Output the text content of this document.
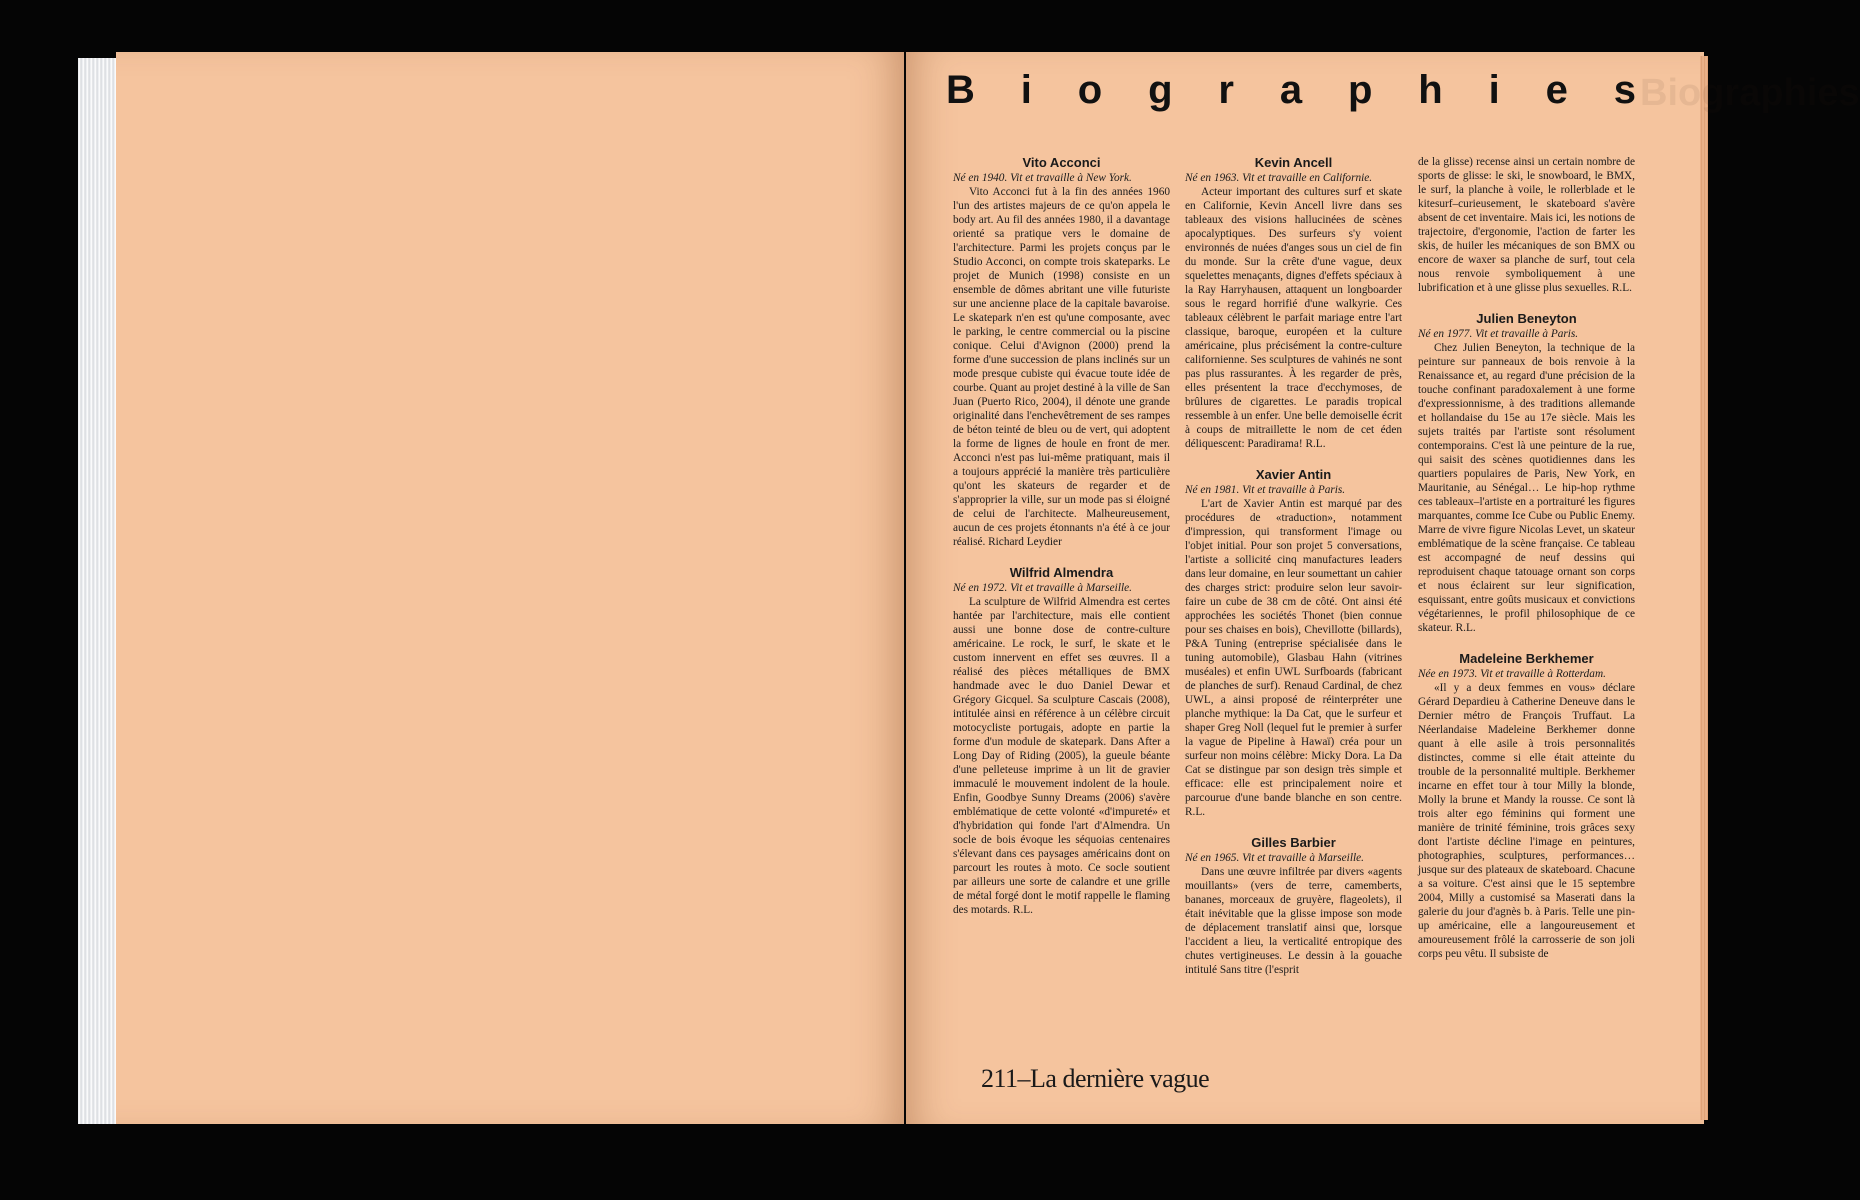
B i o g r a p h i e s Biographies

Vito Acconci

Né en 1940. Vit et travaille à New York.

Vito Acconci fut à la fin des années 1960 l'un des artistes majeurs de ce qu'on appela le body art. Au fil des années 1980, il a davantage orienté sa pratique vers le domaine de l'architecture. Parmi les projets conçus par le Studio Acconci, on compte trois skateparks. Le projet de Munich (1998) consiste en un ensemble de dômes abritant une ville futuriste sur une ancienne place de la capitale bavaroise. Le skatepark n'en est qu'une composante, avec le parking, le centre commercial ou la piscine conique. Celui d'Avignon (2000) prend la forme d'une succession de plans inclinés sur un mode presque cubiste qui évacue toute idée de courbe. Quant au projet destiné à la ville de San Juan (Puerto Rico, 2004), il dénote une grande originalité dans l'enchevêtrement de ses rampes de béton teinté de bleu ou de vert, qui adoptent la forme de lignes de houle en front de mer. Acconci n'est pas lui-même pratiquant, mais il a toujours apprécié la manière très particulière qu'ont les skateurs de regarder et de s'approprier la ville, sur un mode pas si éloigné de celui de l'architecte. Malheureusement, aucun de ces projets étonnants n'a été à ce jour réalisé. Richard Leydier

Wilfrid Almendra

Né en 1972. Vit et travaille à Marseille.

La sculpture de Wilfrid Almendra est certes hantée par l'architecture, mais elle contient aussi une bonne dose de contre-culture américaine. Le rock, le surf, le skate et le custom innervent en effet ses œuvres. Il a réalisé des pièces métalliques de BMX handmade avec le duo Daniel Dewar et Grégory Gicquel. Sa sculpture Cascais (2008), intitulée ainsi en référence à un célèbre circuit motocycliste portugais, adopte en partie la forme d'un module de skatepark. Dans After a Long Day of Riding (2005), la gueule béante d'une pelleteuse imprime à un lit de gravier immaculé le mouvement indolent de la houle. Enfin, Goodbye Sunny Dreams (2006) s'avère emblématique de cette volonté «d'impureté» et d'hybridation qui fonde l'art d'Almendra. Un socle de bois évoque les séquoias centenaires s'élevant dans ces paysages américains dont on parcourt les routes à moto. Ce socle soutient par ailleurs une sorte de calandre et une grille de métal forgé dont le motif rappelle le flaming des motards. R.L.

Kevin Ancell

Né en 1963. Vit et travaille en Californie.

Acteur important des cultures surf et skate en Californie, Kevin Ancell livre dans ses tableaux des visions hallucinées de scènes apocalyptiques. Des surfeurs s'y voient environnés de nuées d'anges sous un ciel de fin du monde. Sur la crête d'une vague, deux squelettes menaçants, dignes d'effets spéciaux à la Ray Harryhausen, attaquent un longboarder sous le regard horrifié d'une walkyrie. Ces tableaux célèbrent le parfait mariage entre l'art classique, baroque, européen et la culture américaine, plus précisément la contre-culture californienne. Ses sculptures de vahinés ne sont pas plus rassurantes. À les regarder de près, elles présentent la trace d'ecchymoses, de brûlures de cigarettes. Le paradis tropical ressemble à un enfer. Une belle demoiselle écrit à coups de mitraillette le nom de cet éden déliquescent: Paradirama! R.L.

Xavier Antin

Né en 1981. Vit et travaille à Paris.

L'art de Xavier Antin est marqué par des procédures de «traduction», notamment d'impression, qui transforment l'image ou l'objet initial. Pour son projet 5 conversations, l'artiste a sollicité cinq manufactures leaders dans leur domaine, en leur soumettant un cahier des charges strict: produire selon leur savoir-faire un cube de 38 cm de côté. Ont ainsi été approchées les sociétés Thonet (bien connue pour ses chaises en bois), Chevillotte (billards), P&A Tuning (entreprise spécialisée dans le tuning automobile), Glasbau Hahn (vitrines muséales) et enfin UWL Surfboards (fabricant de planches de surf). Renaud Cardinal, de chez UWL, a ainsi proposé de réinterpréter une planche mythique: la Da Cat, que le surfeur et shaper Greg Noll (lequel fut le premier à surfer la vague de Pipeline à Hawaï) créa pour un surfeur non moins célèbre: Micky Dora. La Da Cat se distingue par son design très simple et efficace: elle est principalement noire et parcourue d'une bande blanche en son centre. R.L.

Gilles Barbier

Né en 1965. Vit et travaille à Marseille.

Dans une œuvre infiltrée par divers «agents mouillants» (vers de terre, camemberts, bananes, morceaux de gruyère, flageolets), il était inévitable que la glisse impose son mode de déplacement translatif ainsi que, lorsque l'accident a lieu, la verticalité entropique des chutes vertigineuses. Le dessin à la gouache intitulé Sans titre (l'esprit

de la glisse) recense ainsi un certain nombre de sports de glisse: le ski, le snowboard, le BMX, le surf, la planche à voile, le rollerblade et le kitesurf–curieusement, le skateboard s'avère absent de cet inventaire. Mais ici, les notions de trajectoire, d'ergonomie, l'action de farter les skis, de huiler les mécaniques de son BMX ou encore de waxer sa planche de surf, tout cela nous renvoie symboliquement à une lubrification et à une glisse plus sexuelles. R.L.

Julien Beneyton

Né en 1977. Vit et travaille à Paris.

Chez Julien Beneyton, la technique de la peinture sur panneaux de bois renvoie à la Renaissance et, au regard d'une précision de la touche confinant paradoxalement à une forme d'expressionnisme, à des traditions allemande et hollandaise du 15e au 17e siècle. Mais les sujets traités par l'artiste sont résolument contemporains. C'est là une peinture de la rue, qui saisit des scènes quotidiennes dans les quartiers populaires de Paris, New York, en Mauritanie, au Sénégal… Le hip-hop rythme ces tableaux–l'artiste en a portraituré les figures marquantes, comme Ice Cube ou Public Enemy. Marre de vivre figure Nicolas Levet, un skateur emblématique de la scène française. Ce tableau est accompagné de neuf dessins qui reproduisent chaque tatouage ornant son corps et nous éclairent sur leur signification, esquissant, entre goûts musicaux et convictions végétariennes, le profil philosophique de ce skateur. R.L.

Madeleine Berkhemer

Née en 1973. Vit et travaille à Rotterdam.

«Il y a deux femmes en vous» déclare Gérard Depardieu à Catherine Deneuve dans le Dernier métro de François Truffaut. La Néerlandaise Madeleine Berkhemer donne quant à elle asile à trois personnalités distinctes, comme si elle était atteinte du trouble de la personnalité multiple. Berkhemer incarne en effet tour à tour Milly la blonde, Molly la brune et Mandy la rousse. Ce sont là trois alter ego féminins qui forment une manière de trinité féminine, trois grâces sexy dont l'artiste décline l'image en peintures, photographies, sculptures, performances… jusque sur des plateaux de skateboard. Chacune a sa voiture. C'est ainsi que le 15 septembre 2004, Milly a customisé sa Maserati dans la galerie du jour d'agnès b. à Paris. Telle une pin-up américaine, elle a langoureusement et amoureusement frôlé la carrosserie de son joli corps peu vêtu. Il subsiste de

211–La dernière vague
